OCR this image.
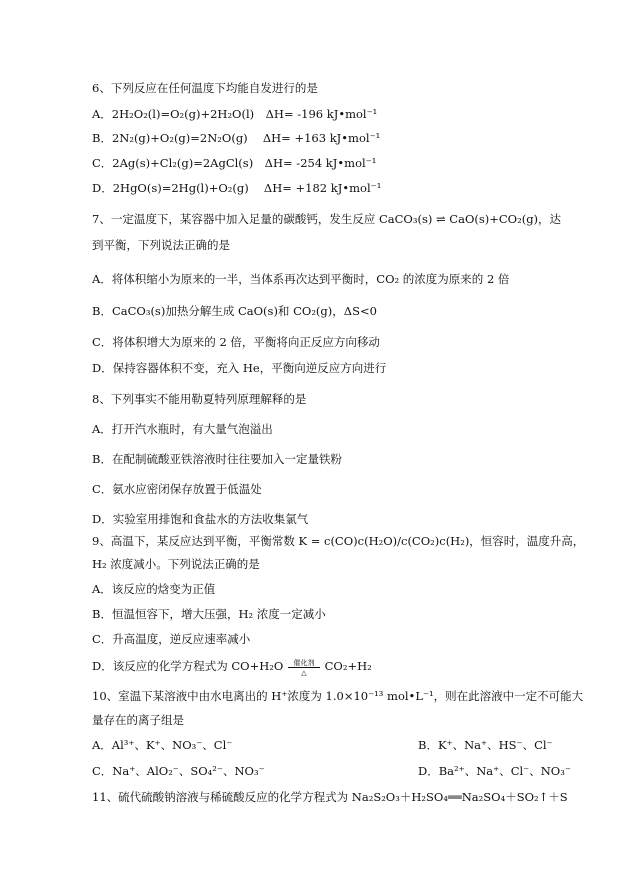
6、下列反应在任何温度下均能自发进行的是
A．2H₂O₂(l)=O₂(g)+2H₂O(l)　ΔH= -196 kJ•mol⁻¹
B．2N₂(g)+O₂(g)=2N₂O(g)　 ΔH= +163 kJ•mol⁻¹
C．2Ag(s)+Cl₂(g)=2AgCl(s)　ΔH= -254 kJ•mol⁻¹
D．2HgO(s)=2Hg(l)+O₂(g)　 ΔH= +182 kJ•mol⁻¹
7、一定温度下，某容器中加入足量的碳酸钙，发生反应 CaCO₃(s) ⇌ CaO(s)+CO₂(g)，达
到平衡，下列说法正确的是
A．将体积缩小为原来的一半，当体系再次达到平衡时，CO₂ 的浓度为原来的 2 倍
B．CaCO₃(s)加热分解生成 CaO(s)和 CO₂(g)，ΔS<0
C．将体积增大为原来的 2 倍，平衡将向正反应方向移动
D．保持容器体积不变，充入 He，平衡向逆反应方向进行
8、下列事实不能用勒夏特列原理解释的是
A．打开汽水瓶时，有大量气泡溢出
B．在配制硫酸亚铁溶液时往往要加入一定量铁粉
C．氨水应密闭保存放置于低温处
D．实验室用排饱和食盐水的方法收集氯气
9、高温下，某反应达到平衡，平衡常数 K = c(CO)c(H₂O)/c(CO₂)c(H₂)，恒容时，温度升高，
H₂ 浓度减小。下列说法正确的是
A．该反应的焓变为正值
B．恒温恒容下，增大压强，H₂ 浓度一定减小
C．升高温度，逆反应速率减小
D．该反应的化学方程式为 CO+H₂O	催化剂
△	CO₂+H₂
10、室温下某溶液中由水电离出的 H⁺浓度为 1.0×10⁻¹³ mol•L⁻¹，则在此溶液中一定不可能大
量存在的离子组是
A．Al³⁺、K⁺、NO₃⁻、Cl⁻	B．K⁺、Na⁺、HS⁻、Cl⁻
C．Na⁺、AlO₂⁻、SO₄²⁻、NO₃⁻	D．Ba²⁺、Na⁺、Cl⁻、NO₃⁻
11、硫代硫酸钠溶液与稀硫酸反应的化学方程式为 Na₂S₂O₃＋H₂SO₄══Na₂SO₄＋SO₂↑＋S
